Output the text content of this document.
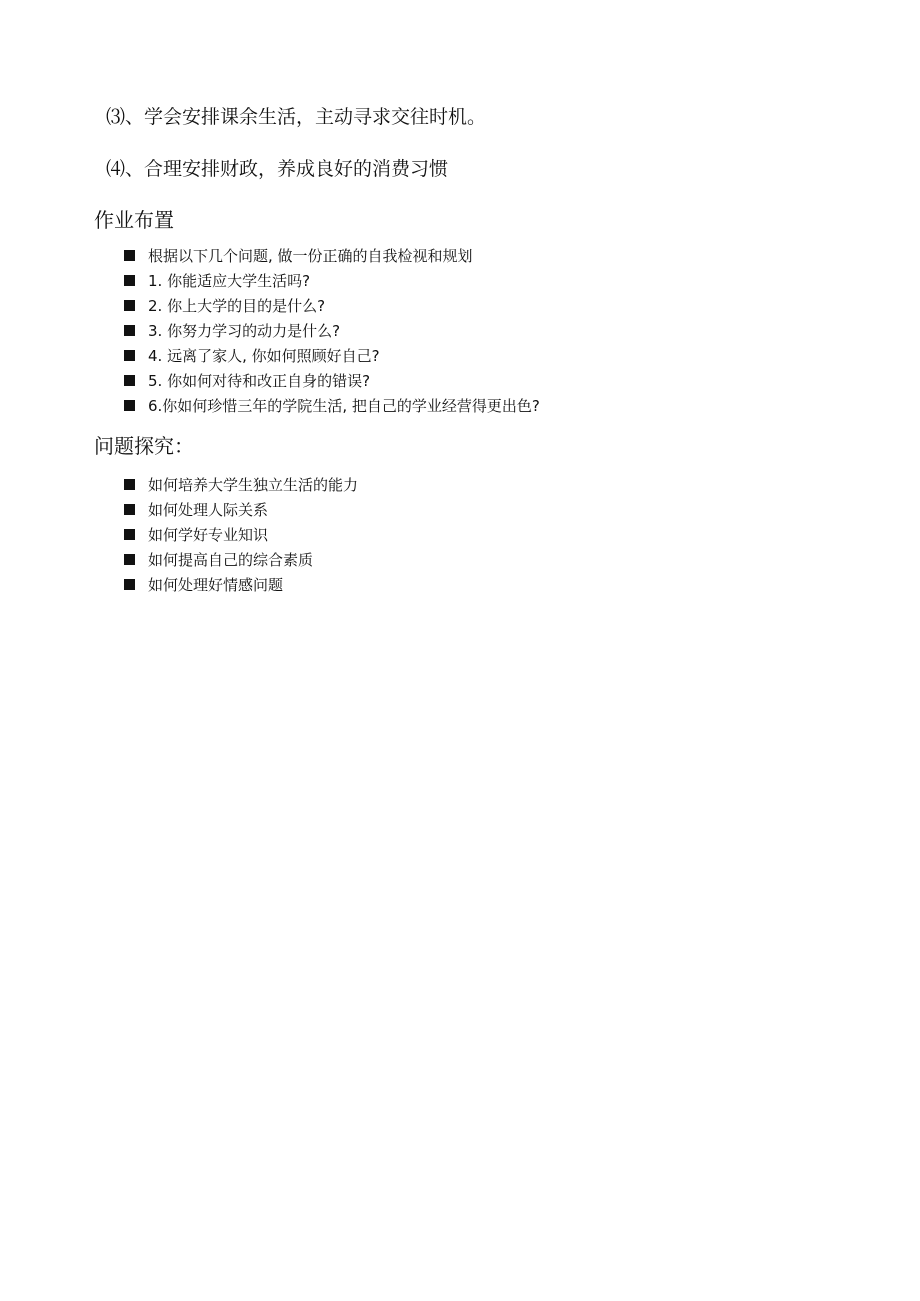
⑶、学会安排课余生活，主动寻求交往时机。
⑷、合理安排财政，养成良好的消费习惯
作业布置
根据以下几个问题, 做一份正确的自我检视和规划
1. 你能适应大学生活吗?
2. 你上大学的目的是什么?
3. 你努力学习的动力是什么?
4. 远离了家人, 你如何照顾好自己?
5. 你如何对待和改正自身的错误?
6.你如何珍惜三年的学院生活, 把自己的学业经营得更出色?
问题探究：
如何培养大学生独立生活的能力
如何处理人际关系
如何学好专业知识
如何提高自己的综合素质
如何处理好情感问题
